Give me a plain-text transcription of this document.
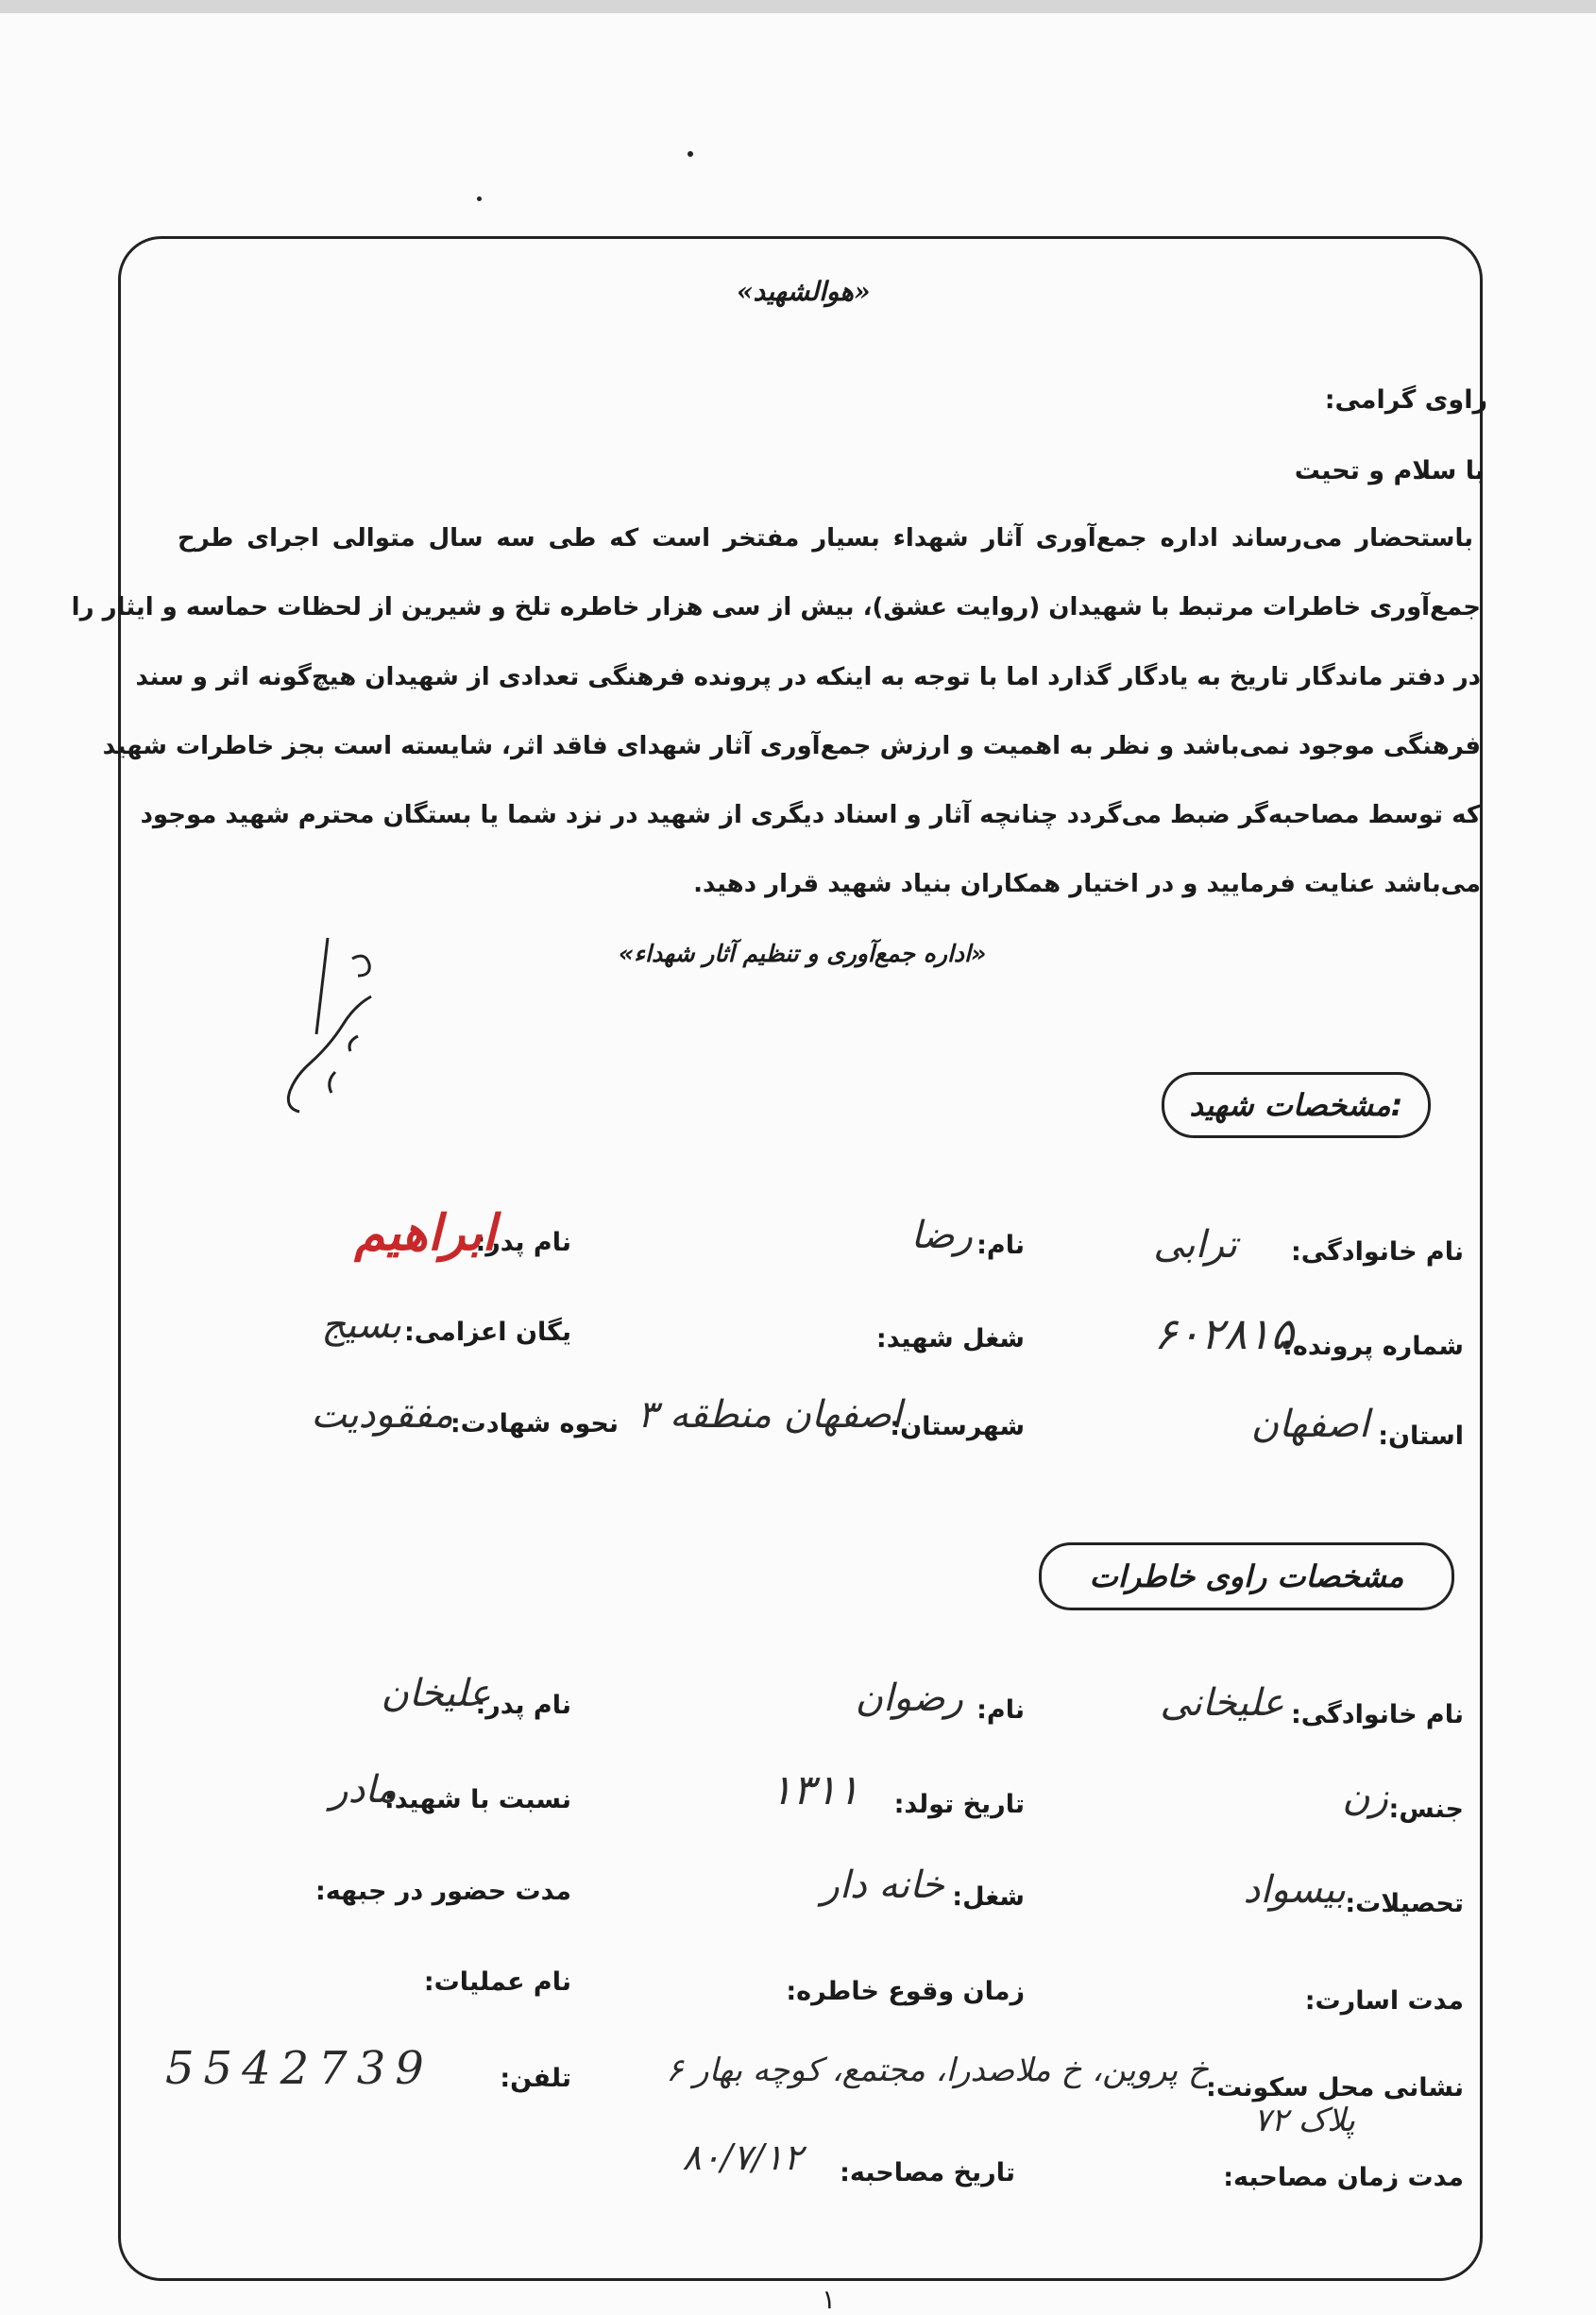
«هوالشهید»
راوی گرامی:
با سلام و تحیت
باستحضار می‌رساند اداره جمع‌آوری آثار شهداء بسیار مفتخر است که طی سه سال متوالی اجرای طرح
جمع‌آوری خاطرات مرتبط با شهیدان (روایت عشق)، بیش از سی هزار خاطره تلخ و شیرین از لحظات حماسه و ایثار را
در دفتر ماندگار تاریخ به یادگار گذارد اما با توجه به اینکه در پرونده فرهنگی تعدادی از شهیدان هیچ‌گونه اثر و سند
فرهنگی موجود نمی‌باشد و نظر به اهمیت و ارزش جمع‌آوری آثار شهدای فاقد اثر، شایسته است بجز خاطرات شهید
که توسط مصاحبه‌گر ضبط می‌گردد چنانچه آثار و اسناد دیگری از شهید در نزد شما یا بستگان محترم شهید موجود
می‌باشد عنایت فرمایید و در اختیار همکاران بنیاد شهید قرار دهید.
«اداره جمع‌آوری و تنظیم آثار شهداء»
مشخصات شهید:
نام خانوادگی:
ترابی
نام:
رضا
نام پدر:
ابراهیم
شماره پرونده:
۶۰۲۸۱۵
شغل شهید:
یگان اعزامی:
بسیج
استان:
اصفهان
شهرستان:
اصفهان منطقه ۳
نحوه شهادت:
مفقودیت
مشخصات راوی خاطرات
نام خانوادگی:
علیخانی
نام:
رضوان
نام پدر:
علیخان
جنس:
زن
تاریخ تولد:
۱۳۱۱
نسبت با شهید:
مادر
تحصیلات:
بیسواد
شغل:
خانه دار
مدت حضور در جبهه:
مدت اسارت:
زمان وقوع خاطره:
نام عملیات:
نشانی محل سکونت:
خ پروین، خ ملاصدرا، مجتمع، کوچه بهار ۶
پلاک ۷۲
تلفن:
5542739
مدت زمان مصاحبه:
تاریخ مصاحبه:
۸۰/۷/۱۲
۱
